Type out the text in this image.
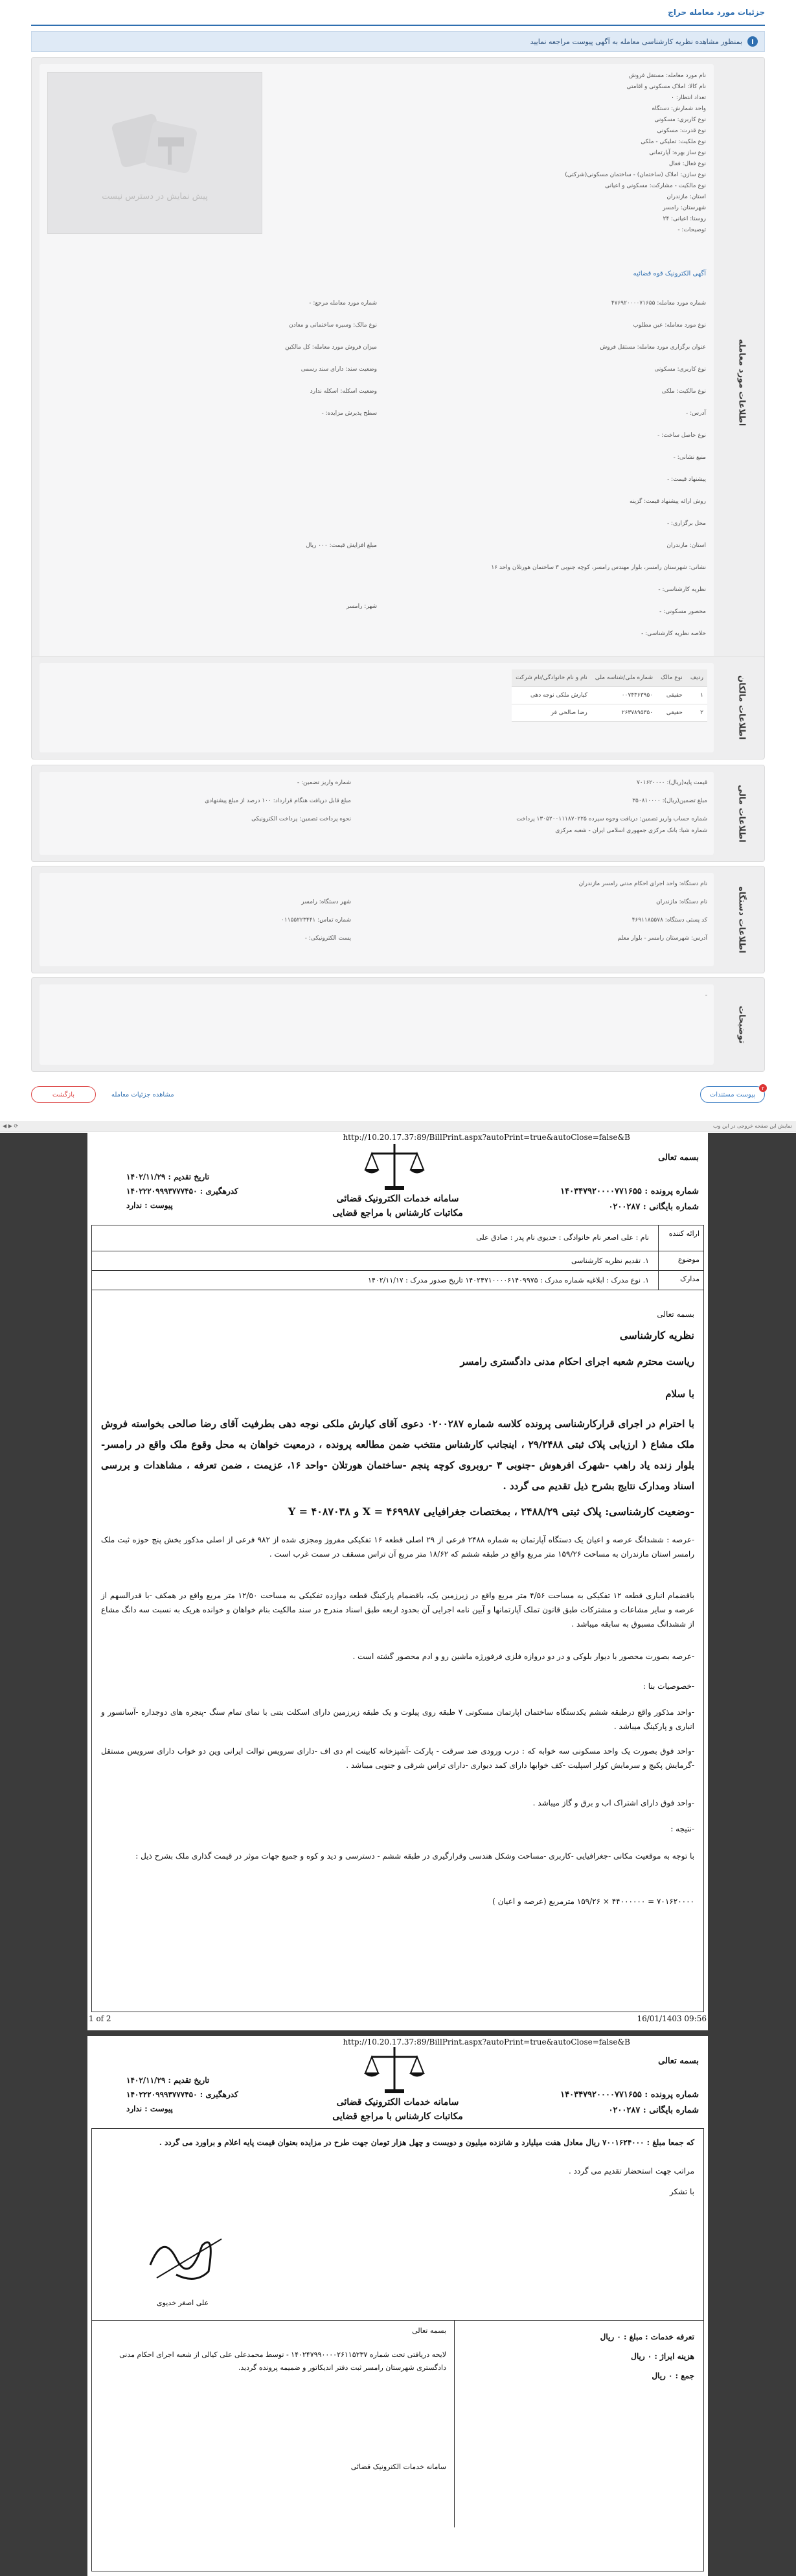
جزئیات مورد معامله حراج
i
بمنظور مشاهده نظریه کارشناسی معامله به آگهی پیوست مراجعه نمایید
اطلاعات مورد معامله
پیش نمایش در دسترس نیست
نام مورد معامله: مستقل فروش
نام کالا: املاک مسکونی و اقامتی
تعداد انتظار: ۰
واحد شمارش: دستگاه
نوع کاربری: مسکونی
نوع قدرت: مسکونی
نوع ملکیت: تملیکی - ملکی
نوع ساز بهره: آپارتمانی
نوع فعال: فعال
نوع سازن: املاک (ساختمان) - ساختمان مسکونی(شرکتی)
نوع مالکیت - مشارکت: مسکونی و اعیانی
استان: مازندران
شهرستان: رامسر
روستا: اعیانی: ۲۴
توضیحات: -
آگهی الکترونیک قوه قضائیه
شماره مورد معامله: ۴۷۶۹۲۰۰۰۰۷۱۶۵۵
نوع مورد معامله: عین مطلوب
عنوان برگزاری مورد معامله: مستقل فروش
نوع کاربری: مسکونی
نوع مالکیت: ملکی
آدرس: -
نوع حاصل ساخت: -
منبع نشانی: -
پیشنهاد قیمت: -
روش ارائه پیشنهاد قیمت: گزینه
محل برگزاری: -
استان: مازندران
نشانی: شهرستان رامسر، بلوار مهندس رامسر، کوچه جنوبی ۳ ساختمان هورتلان واحد ۱۶
نظریه کارشناسی: -
محصور مسکونی: -
خلاصه نظریه کارشناسی: -
شماره مورد معامله مرجع: -
نوع مالک: وسیره ساختمانی و معادن
میزان فروش مورد معامله: کل مالکین
وضعیت سند: دارای سند رسمی
وضعیت اسکله: اسکله ندارد
سطح پذیرش مزایده: -
مبلغ افزایش قیمت: ۰۰۰ ریال
شهر: رامسر
اطلاعات مالکان
ردیف	نوع مالک	شماره ملی/شناسه ملی	نام و نام خانوادگی/نام شرکت
۱	حقیقی	۰۰۷۴۳۶۳۹۵۰	کیارش ملکی نوجه دهی
۲	حقیقی	۲۶۳۷۸۹۵۳۵۰	رضا صالحی فر
اطلاعات مالی
قیمت پایه(ریال): ۷۰۱۶۲۰۰۰۰
شماره واریز تضمین: -
مبلغ تضمین(ریال): ۳۵۰۸۱۰۰۰۰
مبلغ قابل دریافت هنگام قرارداد: ۱۰۰ درصد از مبلغ پیشنهادی
شماره حساب واریز تضمین: دریافت وجوه سپرده ۱۳۰۵۲۰۰۱۱۱۸۷۰۲۲۵ پرداخت
شماره شبا: بانک مرکزی جمهوری اسلامی ایران - شعبه مرکزی
نحوه پرداخت تضمین: پرداخت الکترونیکی
اطلاعات دستگاه
نام دستگاه: واحد اجرای احکام مدنی رامسر مازندران
نام دستگاه: مازندران
شهر دستگاه: رامسر
کد پستی دستگاه: ۴۶۹۱۱۸۵۵۷۸
شماره تماس: ۰۱۱۵۵۲۲۳۴۴۱
آدرس: شهرستان رامسر - بلوار معلم
پست الکترونیکی: -
توضیحات
-
۲
پیوست مستندات
مشاهده جزئیات معامله
بازگشت
◀ ▶ ⟳	نمایش این صفحه خروجی در این وب
http://10.20.17.37:89/BillPrint.aspx?autoPrint=true&autoClose=false&B
بسمه تعالی
شماره پرونده : ۱۴۰۳۴۷۹۲۰۰۰۰۷۷۱۶۵۵
شماره بایگانی : ۰۲۰۰۲۸۷
تاریخ تقدیم : ۱۴۰۲/۱۱/۲۹
کدرهگیری : ۱۴۰۲۲۲۰۹۹۹۳۷۷۷۴۵۰
پیوست : ندارد
سامانه خدمات الکترونیک قضائی
مکاتبات کارشناس با مراجع قضایی
ارائه کننده
نام : علی اصغر نام خانوادگی : خدیوی نام پدر : صادق علی
موضوع
۱. تقدیم نظریه کارشناسی
مدارک
۱. نوع مدرک : ابلاغیه شماره مدرک : ۱۴۰۲۴۷۱۰۰۰۰۶۱۴۰۹۹۷۵ تاریخ صدور مدرک : ۱۴۰۲/۱۱/۱۷
بسمه تعالی
نظریه کارشناسی
ریاست محترم شعبه اجرای احکام مدنی دادگستری رامسر
با سلام
با احترام در اجرای قرارکارشناسی پرونده کلاسه شماره ۰۲۰۰۲۸۷ دعوی آقای کیارش ملکی نوجه دهی بطرفیت آقای رضا صالحی بخواسته فروش ملک مشاع ( ارزیابی پلاک ثبتی ۲۹/۲۴۸۸ ، اینجانب کارشناس منتخب ضمن مطالعه پرونده ، درمعیت خواهان به محل وقوع ملک واقع در رامسر- بلوار زنده یاد راهب -شهرک افرهوش -جنوبی ۳ -روبروی کوچه پنجم -ساختمان هورتلان -واحد ۱۶، عزیمت ، ضمن تعرفه ، مشاهدات و بررسی اسناد ومدارک نتایج بشرح ذیل تقدیم می گردد .
-وضعیت کارشناسی: پلاک ثبتی ۲۴۸۸/۲۹ ، بمختصات جغرافیایی ۴۶۹۹۸۷ = X و ۴۰۸۷۰۳۸ = Y
-عرصه : ششدانگ عرصه و اعیان یک دستگاه آپارتمان به شماره ۲۴۸۸ فرعی از ۲۹ اصلی قطعه ۱۶ تفکیکی مفروز ومجزی شده از ۹۸۲ فرعی از اصلی مذکور بخش پنج حوزه ثبت ملک رامسر استان مازندران به مساحت ۱۵۹/۲۶ متر مربع واقع در طبقه ششم که ۱۸/۶۲ متر مربع آن تراس مسقف در سمت غرب است .
باقضمام انباری قطعه ۱۲ تفکیکی به مساحت ۴/۵۶ متر مربع واقع در زیرزمین یک، باقضمام پارکینگ قطعه دوازده تفکیکی به مساحت ۱۲/۵۰ متر مربع واقع در همکف -با قدرالسهم از عرصه و سایر مشاعات و مشترکات طبق قانون تملک آپارتمانها و آیین نامه اجرایی آن بحدود اربعه طبق اسناد مندرج در سند مالکیت بنام خواهان و خوانده هریک به نسبت سه دانگ مشاع از ششدانگ مسبوق به سابقه میباشد .
-عرصه بصورت محصور با دیوار بلوکی و در دو دروازه فلزی فرفورژه ماشین رو و ادم محصور گشته است .
-خصوصیات بنا :
-واحد مذکور واقع درطبقه ششم یکدستگاه ساختمان اپارتمان مسکونی ۷ طبقه روی پیلوت و یک طبقه زیرزمین دارای اسکلت بتنی با نمای تمام سنگ -پنجره های دوجداره -آسانسور و انباری و پارکینگ میباشد .
-واحد فوق بصورت یک واحد مسکونی سه خوابه که : درب ورودی ضد سرقت - پارکت -آشپزخانه کابینت ام دی اف -دارای سرویس توالت ایرانی وین دو خواب دارای سرویس مستقل -گرمایش پکیچ و سرمایش کولر اسپلیت -کف خوابها دارای کمد دیواری -دارای تراس شرقی و جنوبی میباشد .
-واحد فوق دارای اشتراک اب و برق و گاز میباشد .
-نتیجه :
با توجه به موقعیت مکانی -جغرافیایی -کاربری -مساحت وشکل هندسی وقرارگیری در طبقه ششم - دسترسی و دید و کوه و جمیع جهات موثر در قیمت گذاری ملک بشرح ذیل :
۷۰۱۶۲۰۰۰۰ = ۴۴۰۰۰۰۰۰ × ۱۵۹/۲۶ مترمربع (عرصه و اعیان )
1 of 2	16/01/1403 09:56
http://10.20.17.37:89/BillPrint.aspx?autoPrint=true&autoClose=false&B
بسمه تعالی
شماره پرونده : ۱۴۰۳۴۷۹۲۰۰۰۰۷۷۱۶۵۵
شماره بایگانی : ۰۲۰۰۲۸۷
تاریخ تقدیم : ۱۴۰۲/۱۱/۲۹
کدرهگیری : ۱۴۰۲۲۲۰۹۹۹۳۷۷۷۴۵۰
پیوست : ندارد
سامانه خدمات الکترونیک قضائی
مکاتبات کارشناس با مراجع قضایی
که جمعا مبلغ : ۷۰۰۱۶۲۴۰۰۰ ریال معادل هفت میلیارد و شانزده میلیون و دویست و چهل هزار تومان جهت طرح در مزایده بعنوان قیمت پایه اعلام و براورد می گردد .
مراتب جهت استحضار تقدیم می گردد .
با تشکر
علی اصغر خدیوی
تعرفه خدمات : مبلغ : ۰ ریال
هزینه ایراژ : ۰ ریال
جمع : ۰ ریال
بسمه تعالی
لایحه دریافتی تحت شماره ۱۴۰۲۴۷۹۹۰۰۰۰۲۶۱۱۵۲۳۷ - توسط محمدعلی علی کیالی از شعبه اجرای احکام مدنی دادگستری شهرستان رامسر ثبت دفتر اندیکاتور و ضمیمه پرونده گردید.
سامانه خدمات الکترونیک قضائی
